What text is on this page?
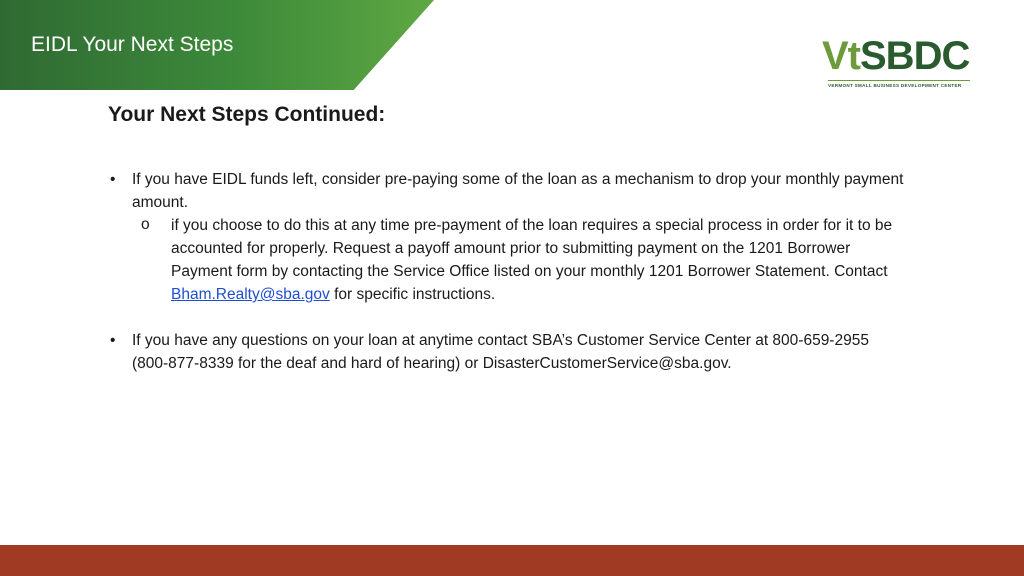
EIDL Your Next Steps	VtSBDC
VERMONT SMALL BUSINESS DEVELOPMENT CENTER
Your Next Steps Continued:
• If you have EIDL funds left, consider pre-paying some of the loan as a mechanism to drop your monthly payment amount.
o if you choose to do this at any time pre-payment of the loan requires a special process in order for it to be accounted for properly. Request a payoff amount prior to submitting payment on the 1201 Borrower Payment form by contacting the Service Office listed on your monthly 1201 Borrower Statement. Contact Bham.Realty@sba.gov for specific instructions.
• If you have any questions on your loan at anytime contact SBA’s Customer Service Center at 800-659-2955 (800-877-8339 for the deaf and hard of hearing) or DisasterCustomerService@sba.gov.
